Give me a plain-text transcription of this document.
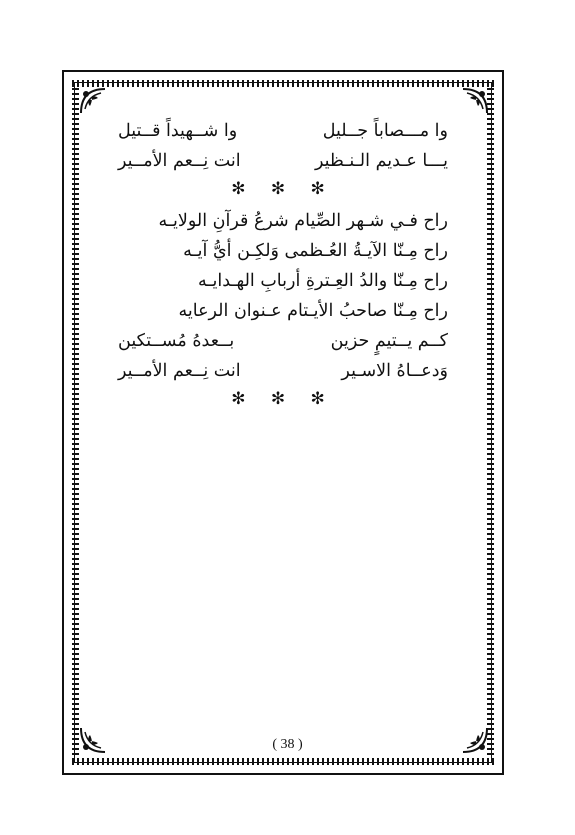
وا مـــصاباً جــليل
وا شــهيداً قــتيل
يـــا عـديم الـنـظير
انت نِــعم الأمــير
✻ ✻ ✻
راح فـي شـهر الصِّيام شرعُ قرآنِ الولايـه
راح مِـنّا الآيـةُ العُـظمى وَلكِـن أيُّ آيـه
راح مِـنّا والدُ العِـترةِ أربابِ الهـدايـه
راح مِـنّا صاحبُ الأيـتام عـنوان الرعايه
كــم يــتيمٍ حزين
بــعدهُ مُســتكين
وَدعــاهُ الاسـير
انت نِــعم الأمــير
✻ ✻ ✻
( 38 )
